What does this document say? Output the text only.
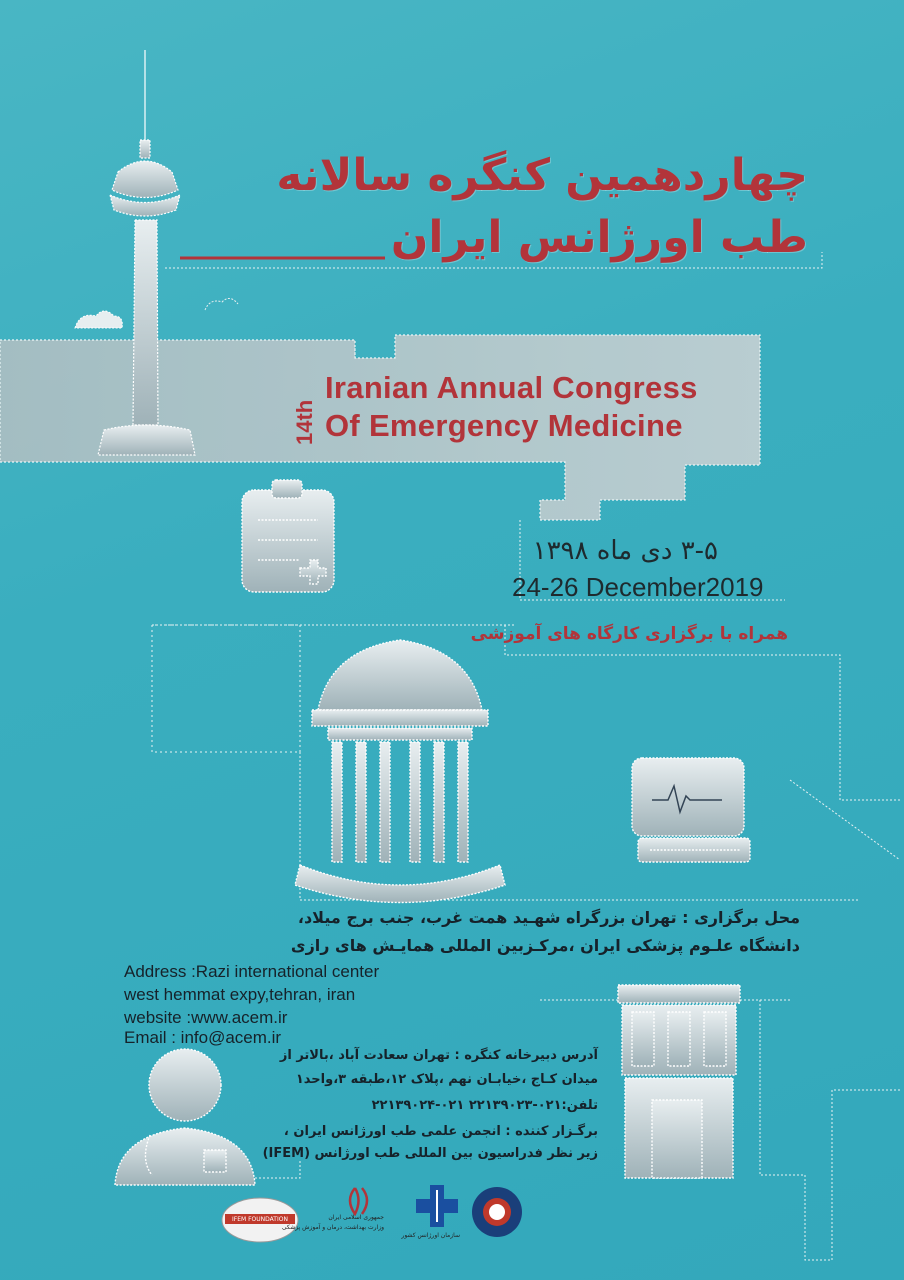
چهاردهمین کنگره سالانه
طب اورژانس ایران
14th
Iranian Annual Congress
Of Emergency Medicine
۳-۵ دی ماه ۱۳۹۸
24-26 December2019
همراه با برگزاری کارگاه های آموزشی
محل برگزاری : تهران بزرگراه شهـید همت غرب، جنب برج میلاد،
دانشگاه علـوم پزشکی ایران ،مرکـزبین المللی همایـش های رازی
Address :Razi international center
west hemmat expy,tehran, iran
website :www.acem.ir
Email : info@acem.ir
آدرس دبیرخانه کنگره : تهران سعادت آباد ،بالاتر از
میدان کـاج ،خیابـان نهم ،پلاک ۱۲،طبقه ۳،واحد۱
تلفن:۰۲۱-۲۲۱۳۹۰۲۳ ۰۲۱-۲۲۱۳۹۰۲۴
برگـزار کننده : انجمن علمی طب اورژانس ایران ،
زیر نظر فدراسیون بین المللی طب اورژانس (IFEM)
IFEM FOUNDATION	جمهوری اسلامی ایران
وزارت بهداشت، درمان و آموزش پزشکی
سازمان اورژانس کشور
